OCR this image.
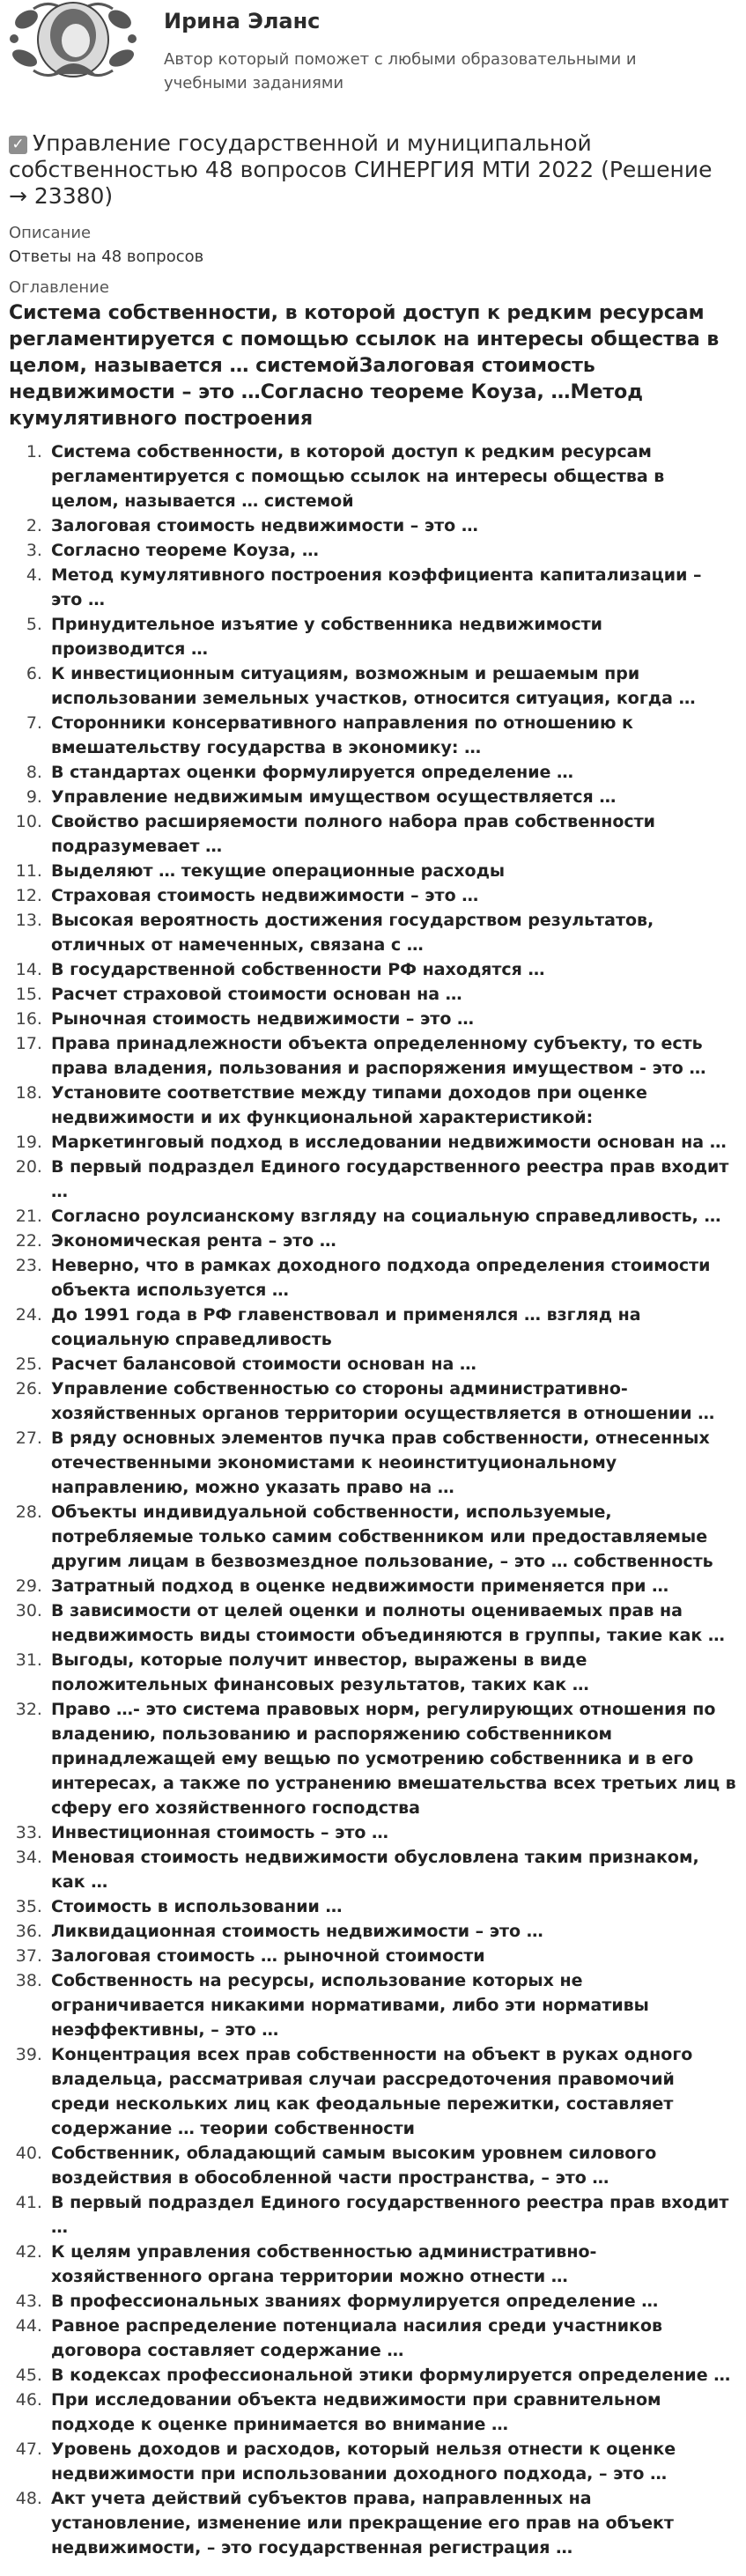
Ирина Эланс
Автор который поможет с любыми образовательными и учебными заданиями
✓ Управление государственной и муниципальной собственностью 48 вопросов СИНЕРГИЯ МТИ 2022 (Решение → 23380)
Описание
Ответы на 48 вопросов
Оглавление
Система собственности, в которой доступ к редким ресурсам регламентируется с помощью ссылок на интересы общества в целом, называется … системойЗалоговая стоимость недвижимости – это …Согласно теореме Коуза, …Метод кумулятивного построения
1. Система собственности, в которой доступ к редким ресурсам регламентируется с помощью ссылок на интересы общества в целом, называется … системой
2. Залоговая стоимость недвижимости – это …
3. Согласно теореме Коуза, …
4. Метод кумулятивного построения коэффициента капитализации – это …
5. Принудительное изъятие у собственника недвижимости производится …
6. К инвестиционным ситуациям, возможным и решаемым при использовании земельных участков, относится ситуация, когда …
7. Сторонники консервативного направления по отношению к вмешательству государства в экономику: …
8. В стандартах оценки формулируется определение …
9. Управление недвижимым имуществом осуществляется …
10. Свойство расширяемости полного набора прав собственности подразумевает …
11. Выделяют … текущие операционные расходы
12. Страховая стоимость недвижимости – это …
13. Высокая вероятность достижения государством результатов, отличных от намеченных, связана с …
14. В государственной собственности РФ находятся …
15. Расчет страховой стоимости основан на …
16. Рыночная стоимость недвижимости – это …
17. Права принадлежности объекта определенному субъекту, то есть права владения, пользования и распоряжения имуществом - это …
18. Установите соответствие между типами доходов при оценке недвижимости и их функциональной характеристикой:
19. Маркетинговый подход в исследовании недвижимости основан на …
20. В первый подраздел Единого государственного реестра прав входит …
21. Согласно роулсианскому взгляду на социальную справедливость, …
22. Экономическая рента – это …
23. Неверно, что в рамках доходного подхода определения стоимости объекта используется …
24. До 1991 года в РФ главенствовал и применялся … взгляд на социальную справедливость
25. Расчет балансовой стоимости основан на …
26. Управление собственностью со стороны административно-хозяйственных органов территории осуществляется в отношении …
27. В ряду основных элементов пучка прав собственности, отнесенных отечественными экономистами к неоинституциональному направлению, можно указать право на …
28. Объекты индивидуальной собственности, используемые, потребляемые только самим собственником или предоставляемые другим лицам в безвозмездное пользование, – это … собственность
29. Затратный подход в оценке недвижимости применяется при …
30. В зависимости от целей оценки и полноты оцениваемых прав на недвижимость виды стоимости объединяются в группы, такие как …
31. Выгоды, которые получит инвестор, выражены в виде положительных финансовых результатов, таких как …
32. Право …- это система правовых норм, регулирующих отношения по владению, пользованию и распоряжению собственником принадлежащей ему вещью по усмотрению собственника и в его интересах, а также по устранению вмешательства всех третьих лиц в сферу его хозяйственного господства
33. Инвестиционная стоимость – это …
34. Меновая стоимость недвижимости обусловлена таким признаком, как …
35. Стоимость в использовании …
36. Ликвидационная стоимость недвижимости – это …
37. Залоговая стоимость … рыночной стоимости
38. Собственность на ресурсы, использование которых не ограничивается никакими нормативами, либо эти нормативы неэффективны, – это …
39. Концентрация всех прав собственности на объект в руках одного владельца, рассматривая случаи рассредоточения правомочий среди нескольких лиц как феодальные пережитки, составляет содержание … теории собственности
40. Собственник, обладающий самым высоким уровнем силового воздействия в обособленной части пространства, – это …
41. В первый подраздел Единого государственного реестра прав входит …
42. К целям управления собственностью административно-хозяйственного органа территории можно отнести …
43. В профессиональных званиях формулируется определение …
44. Равное распределение потенциала насилия среди участников договора составляет содержание …
45. В кодексах профессиональной этики формулируется определение …
46. При исследовании объекта недвижимости при сравнительном подходе к оценке принимается во внимание …
47. Уровень доходов и расходов, который нельзя отнести к оценке недвижимости при использовании доходного подхода, – это …
48. Акт учета действий субъектов права, направленных на установление, изменение или прекращение его прав на объект недвижимости, – это государственная регистрация …
